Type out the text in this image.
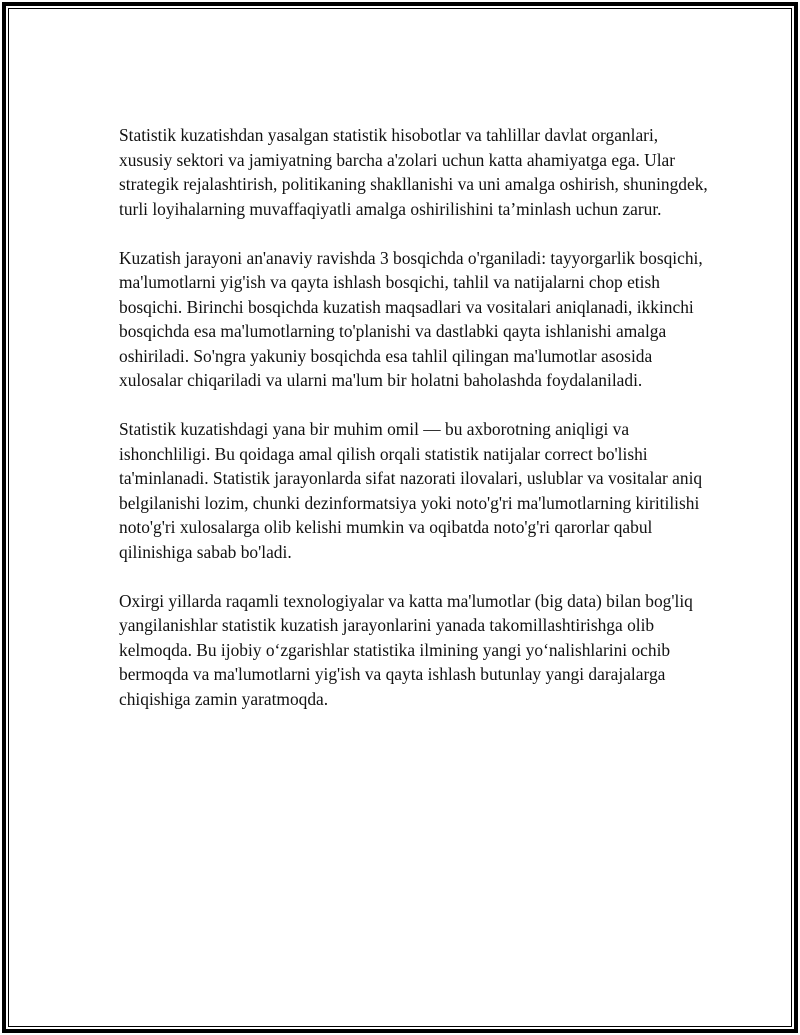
Statistik kuzatishdan yasalgan statistik hisobotlar va tahlillar davlat organlari, xususiy sektori va jamiyatning barcha a'zolari uchun katta ahamiyatga ega. Ular strategik rejalashtirish, politikaning shakllanishi va uni amalga oshirish, shuningdek, turli loyihalarning muvaffaqiyatli amalga oshirilishini ta’minlash uchun zarur.

Kuzatish jarayoni an'anaviy ravishda 3 bosqichda o'rganiladi: tayyorgarlik bosqichi, ma'lumotlarni yig'ish va qayta ishlash bosqichi, tahlil va natijalarni chop etish bosqichi. Birinchi bosqichda kuzatish maqsadlari va vositalari aniqlanadi, ikkinchi bosqichda esa ma'lumotlarning to'planishi va dastlabki qayta ishlanishi amalga oshiriladi. So'ngra yakuniy bosqichda esa tahlil qilingan ma'lumotlar asosida xulosalar chiqariladi va ularni ma'lum bir holatni baholashda foydalaniladi.

Statistik kuzatishdagi yana bir muhim omil — bu axborotning aniqligi va ishonchliligi. Bu qoidaga amal qilish orqali statistik natijalar correct bo'lishi ta'minlanadi. Statistik jarayonlarda sifat nazorati ilovalari, uslublar va vositalar aniq belgilanishi lozim, chunki dezinformatsiya yoki noto'g'ri ma'lumotlarning kiritilishi noto'g'ri xulosalarga olib kelishi mumkin va oqibatda noto'g'ri qarorlar qabul qilinishiga sabab bo'ladi.

Oxirgi yillarda raqamli texnologiyalar va katta ma'lumotlar (big data) bilan bog'liq yangilanishlar statistik kuzatish jarayonlarini yanada takomillashtirishga olib kelmoqda. Bu ijobiy o‘zgarishlar statistika ilmining yangi yo‘nalishlarini ochib bermoqda va ma'lumotlarni yig'ish va qayta ishlash butunlay yangi darajalarga chiqishiga zamin yaratmoqda.
